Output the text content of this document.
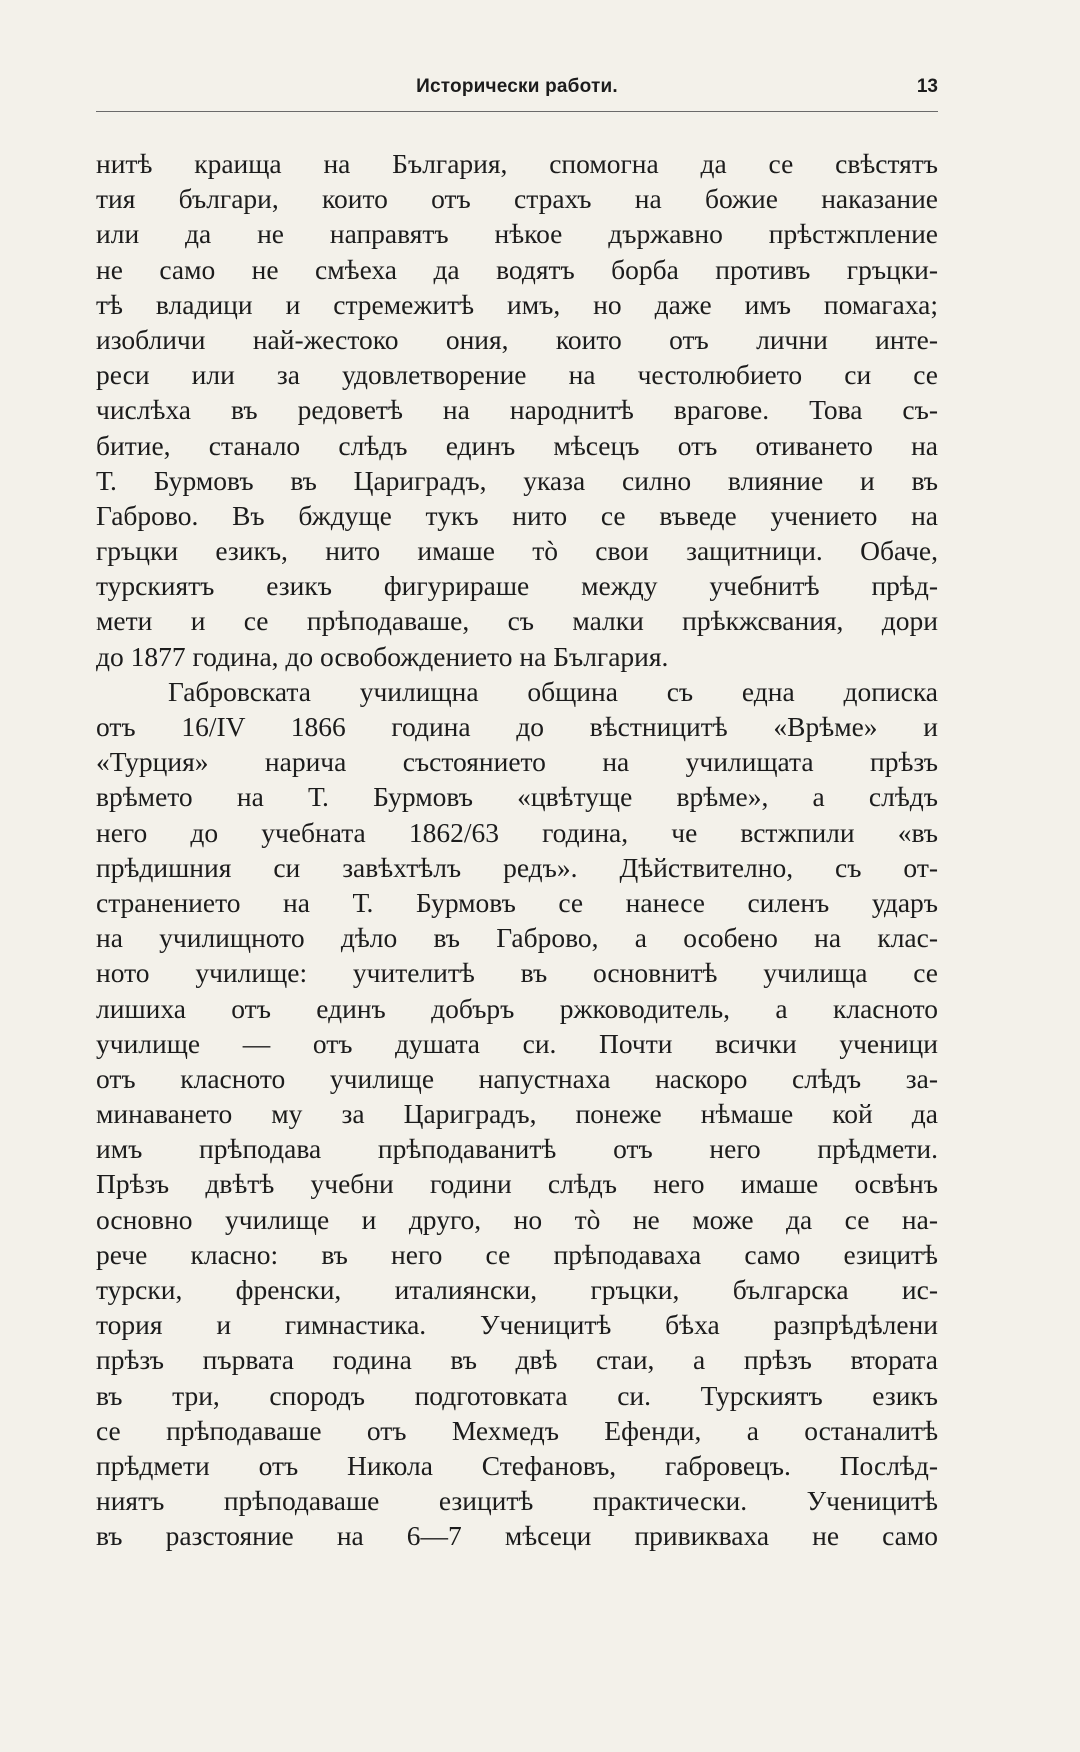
Исторически работи.	13
нитѣ краища на България, спомогна да се свѣстятъ
тия българи, които отъ страхъ на божие наказание
или да не направятъ нѣкое държавно прѣстжпление
не само не смѣеха да водятъ борба противъ гръцки-
тѣ владици и стремежитѣ имъ, но даже имъ помагаха;
изобличи най-жестоко ония, които отъ лични инте-
реси или за удовлетворение на честолюбието си се
числѣха въ редоветѣ на народнитѣ врагове. Това съ-
битие, станало слѣдъ единъ мѣсецъ отъ отиването на
Т. Бурмовъ въ Цариградъ, указа силно влияние и въ
Габрово. Въ бждуще тукъ нито се въведе учението на
гръцки езикъ, нито имаше тò свои защитници. Обаче,
турскиятъ езикъ фигурираше между учебнитѣ прѣд-
мети и се прѣподаваше, съ малки прѣкжсвания, дори
до 1877 година, до освобождението на България.
Габровската училищна община съ една дописка
отъ 16/IV 1866 година до вѣстницитѣ «Врѣме» и
«Турция» нарича състоянието на училищата прѣзъ
врѣмето на Т. Бурмовъ «цвѣтуще врѣме», а слѣдъ
него до учебната 1862/63 година, че встжпили «въ
прѣдишния си завѣхтѣлъ редъ». Дѣйствително, съ от-
странението на Т. Бурмовъ се нанесе силенъ ударъ
на училищното дѣло въ Габрово, а особено на клас-
ното училище: учителитѣ въ основнитѣ училища се
лишиха отъ единъ добъръ ржководитель, а класното
училище — отъ душата си. Почти всички ученици
отъ класното училище напустнаха наскоро слѣдъ за-
минаването му за Цариградъ, понеже нѣмаше кой да
имъ прѣподава прѣподаванитѣ отъ него прѣдмети.
Прѣзъ двѣтѣ учебни години слѣдъ него имаше освѣнъ
основно училище и друго, но тò не може да се на-
рече класно: въ него се прѣподаваха само езицитѣ
турски, френски, италиянски, гръцки, българска ис-
тория и гимнастика. Ученицитѣ бѣха разпрѣдѣлени
прѣзъ първата година въ двѣ стаи, а прѣзъ втората
въ три, спородъ подготовката си. Турскиятъ езикъ
се прѣподаваше отъ Мехмедъ Ефенди, а останалитѣ
прѣдмети отъ Никола Стефановъ, габровецъ. Послѣд-
ниятъ прѣподаваше езицитѣ практически. Ученицитѣ
въ разстояние на 6—7 мѣсеци привикваха не само
